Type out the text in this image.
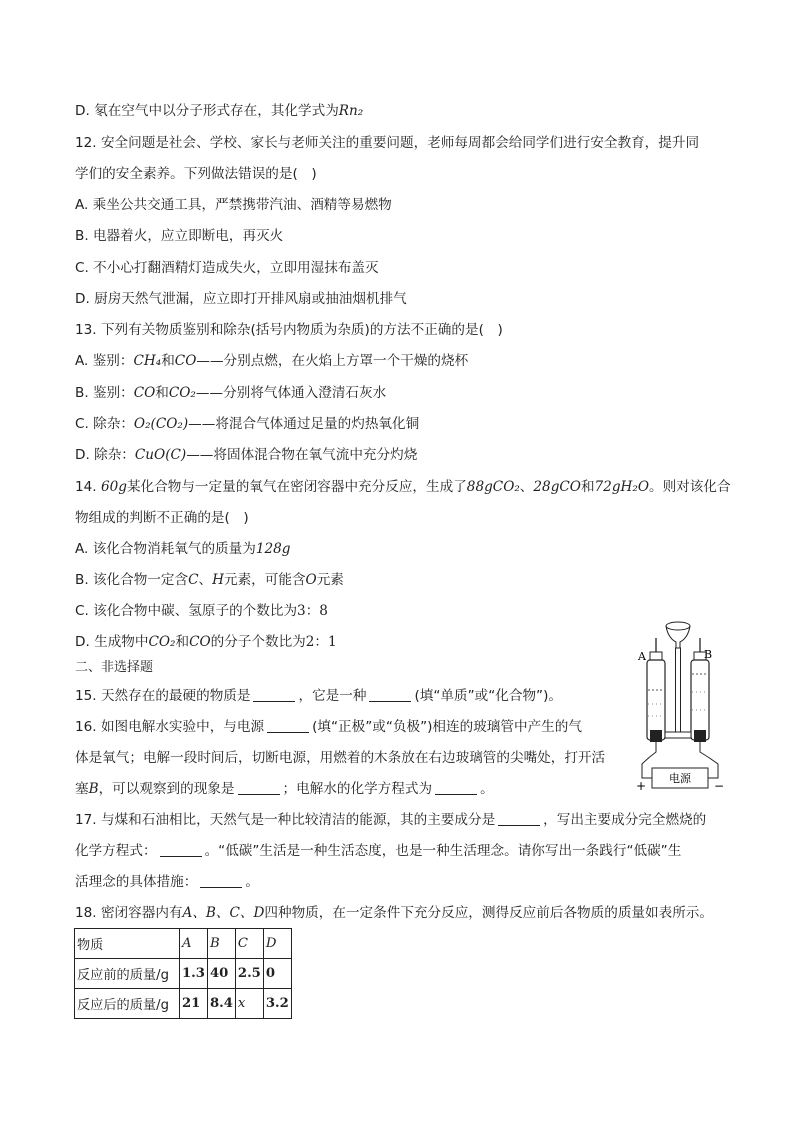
D. 氡在空气中以分子形式存在，其化学式为Rn₂
12. 安全问题是社会、学校、家长与老师关注的重要问题，老师每周都会给同学们进行安全教育，提升同
学们的安全素养。下列做法错误的是(　)
A. 乘坐公共交通工具，严禁携带汽油、酒精等易燃物
B. 电器着火，应立即断电，再灭火
C. 不小心打翻酒精灯造成失火，立即用湿抹布盖灭
D. 厨房天然气泄漏，应立即打开排风扇或抽油烟机排气
13. 下列有关物质鉴别和除杂(括号内物质为杂质)的方法不正确的是(　)
A. 鉴别：CH₄和CO——分别点燃，在火焰上方罩一个干燥的烧杯
B. 鉴别：CO和CO₂——分别将气体通入澄清石灰水
C. 除杂：O₂(CO₂)——将混合气体通过足量的灼热氧化铜
D. 除杂：CuO(C)——将固体混合物在氧气流中充分灼烧
14. 60g某化合物与一定量的氧气在密闭容器中充分反应，生成了88gCO₂、28gCO和72gH₂O。则对该化合
物组成的判断不正确的是(　)
A. 该化合物消耗氧气的质量为128g
B. 该化合物一定含C、H元素，可能含O元素
C. 该化合物中碳、氢原子的个数比为3：8
D. 生成物中CO₂和CO的分子个数比为2：1
二、非选择题
15. 天然存在的最硬的物质是	，它是一种	(填“单质”或“化合物”)。
16. 如图电解水实验中，与电源	(填“正极”或“负极”)相连的玻璃管中产生的气
体是氧气；电解一段时间后，切断电源，用燃着的木条放在右边玻璃管的尖嘴处，打开活
塞B，可以观察到的现象是	；电解水的化学方程式为	。
17. 与煤和石油相比，天然气是一种比较清洁的能源，其的主要成分是	，写出主要成分完全燃烧的
化学方程式：	。“低碳”生活是一种生活态度，也是一种生活理念。请你写出一条践行“低碳”生
活理念的具体措施：	。
18. 密闭容器内有A、B、C、D四种物质，在一定条件下充分反应，测得反应前后各物质的质量如表所示。
物质	A	B	C	D
反应前的质量/g	1.3	40	2.5	0
反应后的质量/g	21	8.4	x	3.2
A	B
电源
+	−
